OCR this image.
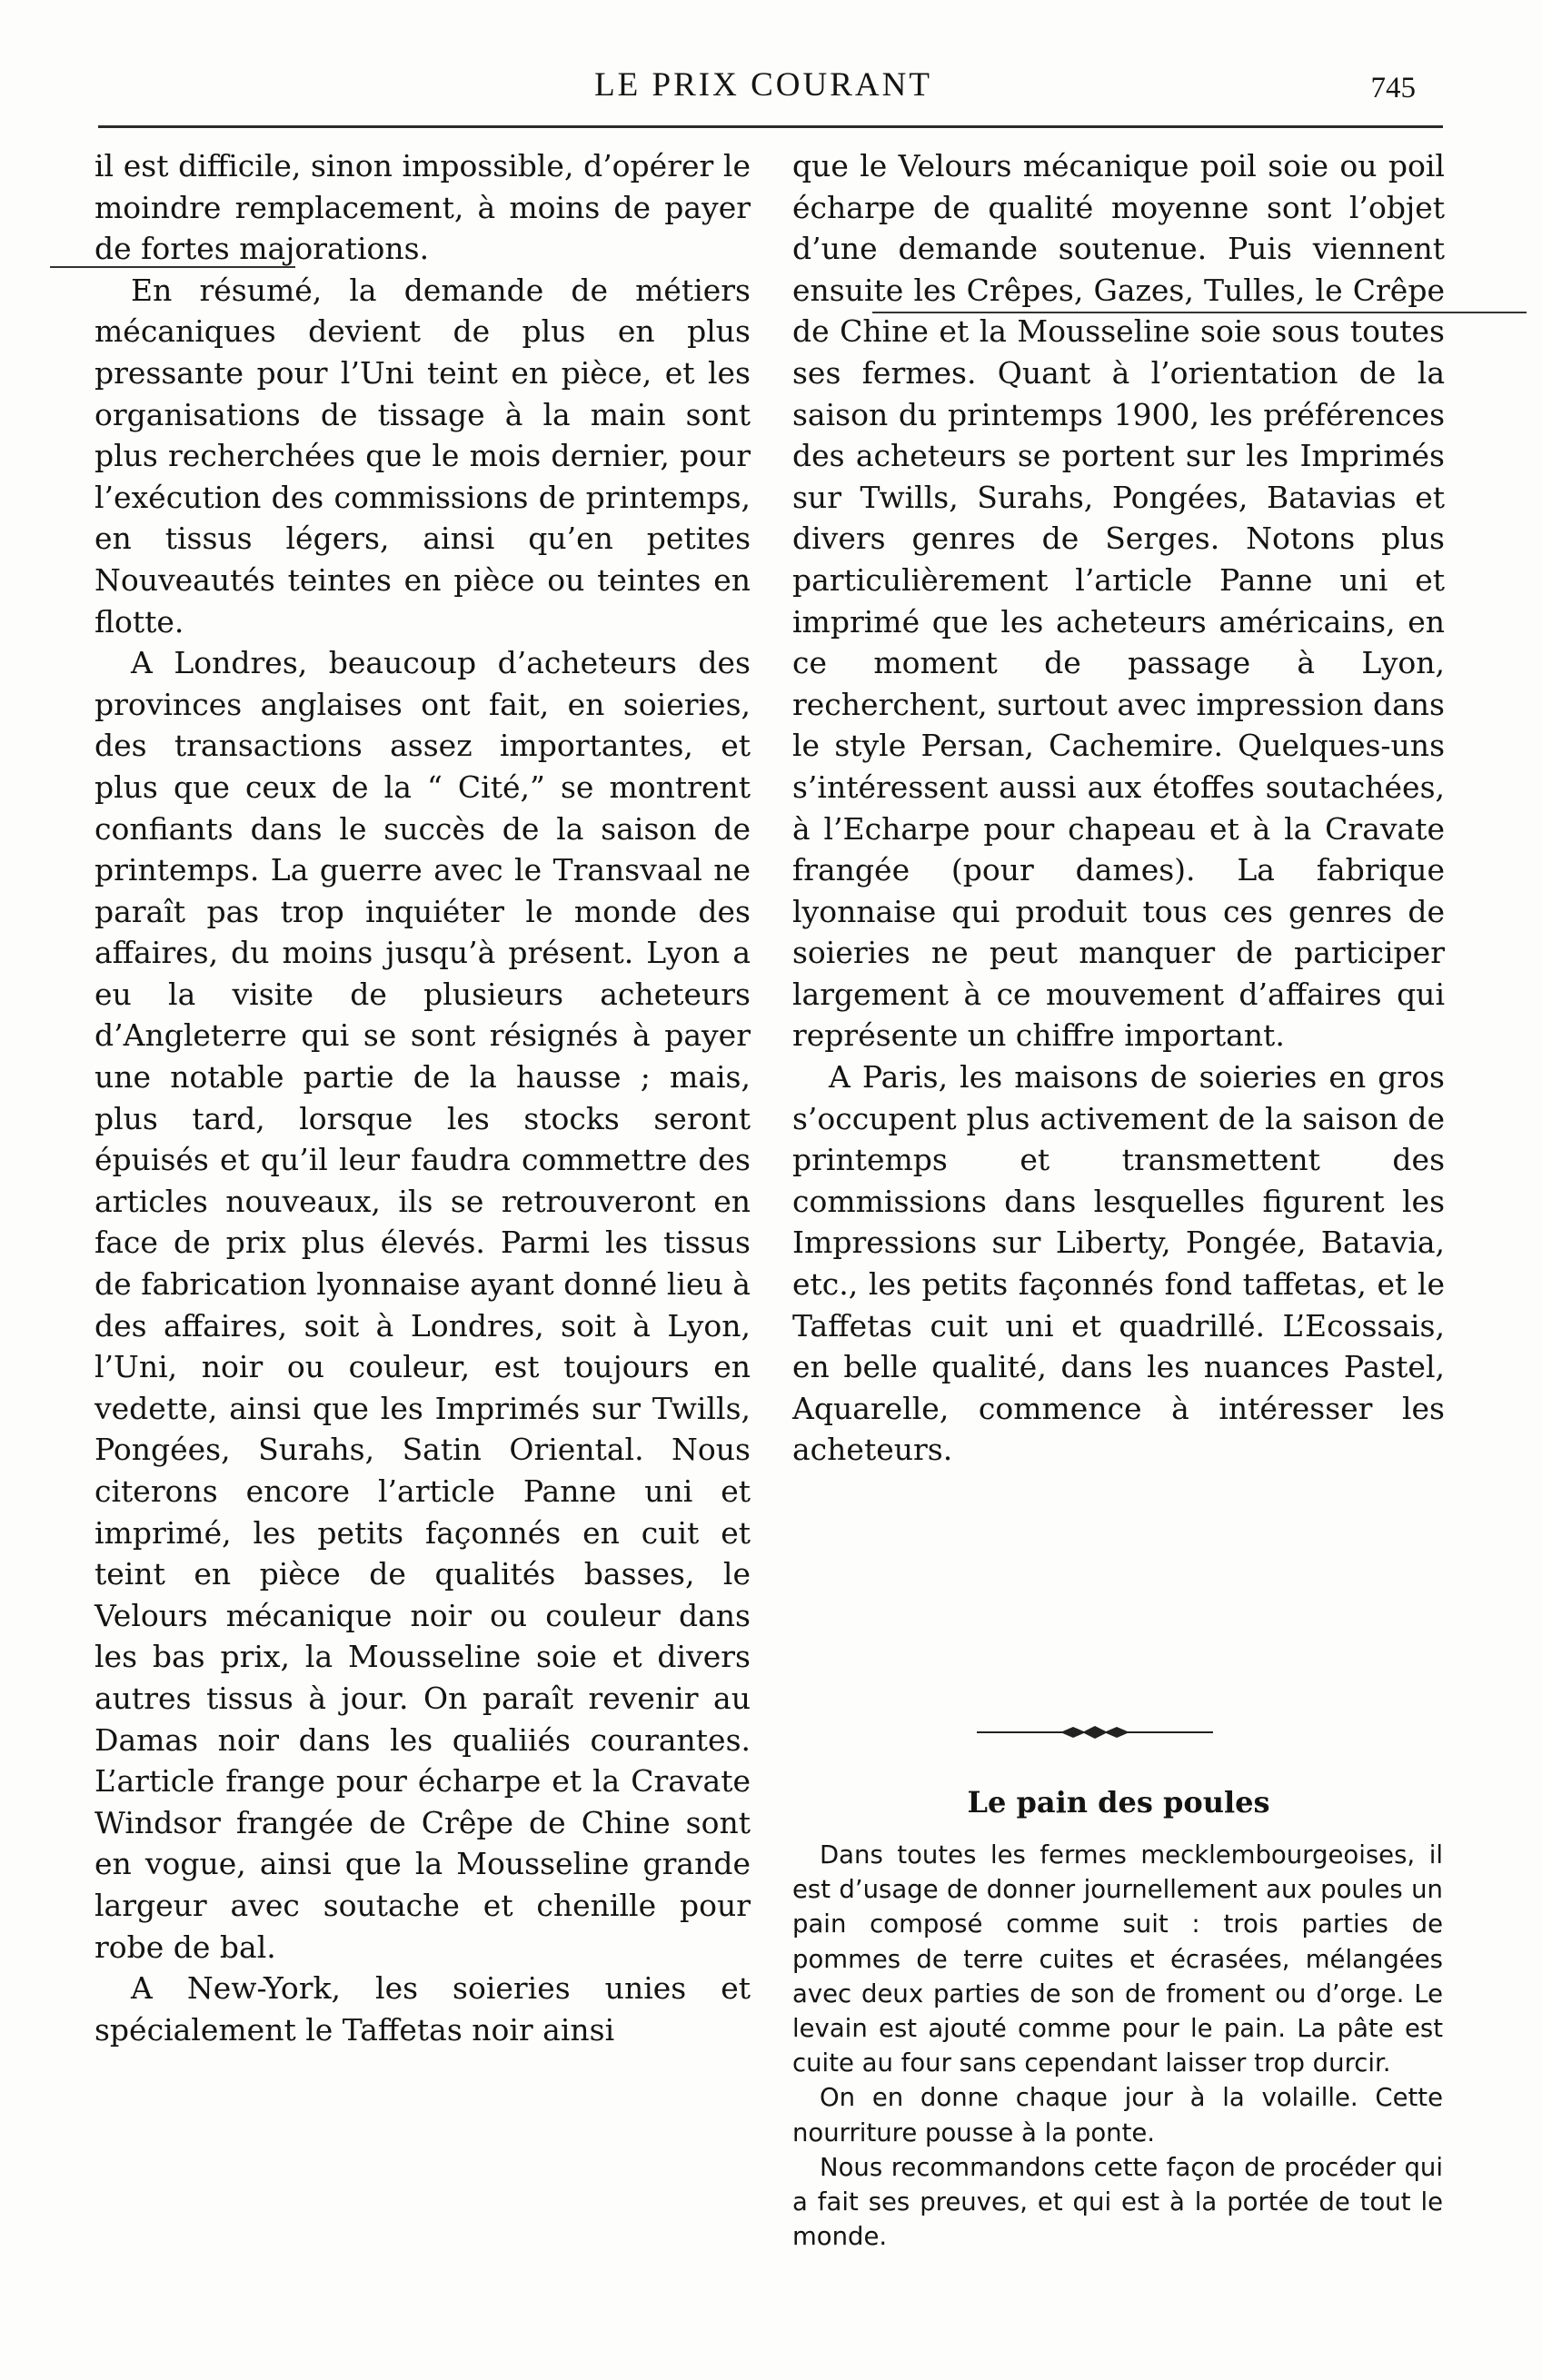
LE PRIX COURANT	745

il est difficile, sinon impossible, d’opérer le moindre remplacement, à moins de payer de fortes majorations.

En résumé, la demande de métiers mécaniques devient de plus en plus pressante pour l’Uni teint en pièce, et les organisations de tissage à la main sont plus recherchées que le mois dernier, pour l’exécution des commissions de printemps, en tissus légers, ainsi qu’en petites Nouveautés teintes en pièce ou teintes en flotte.

A Londres, beaucoup d’acheteurs des provinces anglaises ont fait, en soieries, des transactions assez importantes, et plus que ceux de la “ Cité,” se montrent confiants dans le succès de la saison de printemps. La guerre avec le Transvaal ne paraît pas trop inquiéter le monde des affaires, du moins jusqu’à présent. Lyon a eu la visite de plusieurs acheteurs d’Angleterre qui se sont résignés à payer une notable partie de la hausse ; mais, plus tard, lorsque les stocks seront épuisés et qu’il leur faudra commettre des articles nouveaux, ils se retrouveront en face de prix plus élevés. Parmi les tissus de fabrication lyonnaise ayant donné lieu à des affaires, soit à Londres, soit à Lyon, l’Uni, noir ou couleur, est toujours en vedette, ainsi que les Imprimés sur Twills, Pongées, Surahs, Satin Oriental. Nous citerons encore l’article Panne uni et imprimé, les petits façonnés en cuit et teint en pièce de qualités basses, le Velours mécanique noir ou couleur dans les bas prix, la Mousseline soie et divers autres tissus à jour. On paraît revenir au Damas noir dans les qualiiés courantes. L’article frange pour écharpe et la Cravate Windsor frangée de Crêpe de Chine sont en vogue, ainsi que la Mousseline grande largeur avec soutache et chenille pour robe de bal.

A New-York, les soieries unies et spécialement le Taffetas noir ainsi

que le Velours mécanique poil soie ou poil écharpe de qualité moyenne sont l’objet d’une demande soutenue. Puis viennent ensuite les Crêpes, Gazes, Tulles, le Crêpe de Chine et la Mousseline soie sous toutes ses fermes. Quant à l’orientation de la saison du printemps 1900, les préférences des acheteurs se portent sur les Imprimés sur Twills, Surahs, Pongées, Batavias et divers genres de Serges. Notons plus particulièrement l’article Panne uni et imprimé que les acheteurs américains, en ce moment de passage à Lyon, recherchent, surtout avec impression dans le style Persan, Cachemire. Quelques-uns s’intéressent aussi aux étoffes soutachées, à l’Echarpe pour chapeau et à la Cravate frangée (pour dames). La fabrique lyonnaise qui produit tous ces genres de soieries ne peut manquer de participer largement à ce mouvement d’affaires qui représente un chiffre important.

A Paris, les maisons de soieries en gros s’occupent plus activement de la saison de printemps et transmettent des commissions dans lesquelles figurent les Impressions sur Liberty, Pongée, Batavia, etc., les petits façonnés fond taffetas, et le Taffetas cuit uni et quadrillé. L’Ecossais, en belle qualité, dans les nuances Pastel, Aquarelle, commence à intéresser les acheteurs.

Le pain des poules

Dans toutes les fermes mecklembourgeoises, il est d’usage de donner journellement aux poules un pain composé comme suit : trois parties de pommes de terre cuites et écrasées, mélangées avec deux parties de son de froment ou d’orge. Le levain est ajouté comme pour le pain. La pâte est cuite au four sans cependant laisser trop durcir.

On en donne chaque jour à la volaille. Cette nourriture pousse à la ponte.

Nous recommandons cette façon de procéder qui a fait ses preuves, et qui est à la portée de tout le monde.
